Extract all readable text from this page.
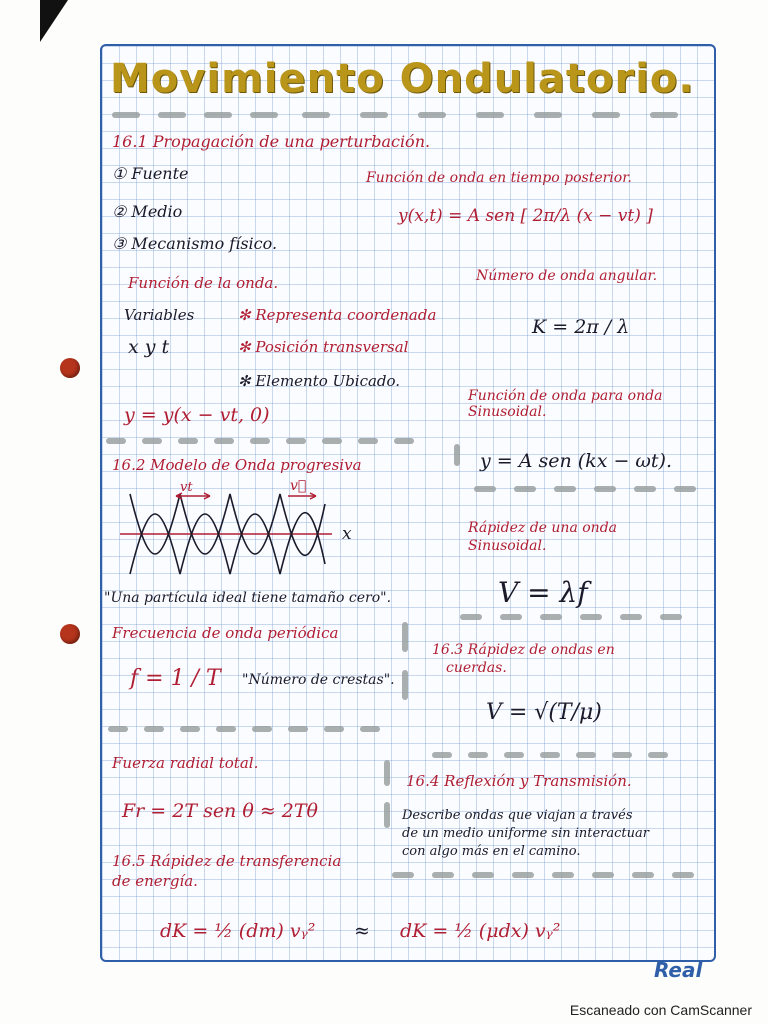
Movimiento Ondulatorio.
16.1 Propagación de una perturbación.
① Fuente
② Medio
③ Mecanismo físico.
Función de la onda.
Variables
x y t
✻ Representa coordenada
✻ Posición transversal
✻ Elemento Ubicado.
y = y(x − vt, 0)
Función de onda en tiempo posterior.
y(x,t) = A sen [ 2π/λ (x − vt) ]
Número de onda angular.
K = 2π / λ
Función de onda para onda
Sinusoidal.
16.2 Modelo de Onda progresiva	y = A sen (kx − ωt).
vt	v⃗
x	Rápidez de una onda
Sinusoidal.
V = λf
"Una partícula ideal tiene tamaño cero".
Frecuencia de onda periódica
f = 1 / T "Número de crestas".
16.3 Rápidez de ondas en
cuerdas.
V = √(T/μ)
Fuerza radial total.
Fr = 2T sen θ ≈ 2Tθ
16.4 Reflexión y Transmisión.
Describe ondas que viajan a través
de un medio uniforme sin interactuar
con algo más en el camino.
16.5 Rápidez de transferencia
de energía.
dK = ½ (dm) vᵧ² ≈ dK = ½ (μdx) vᵧ²
Real
Escaneado con CamScanner
